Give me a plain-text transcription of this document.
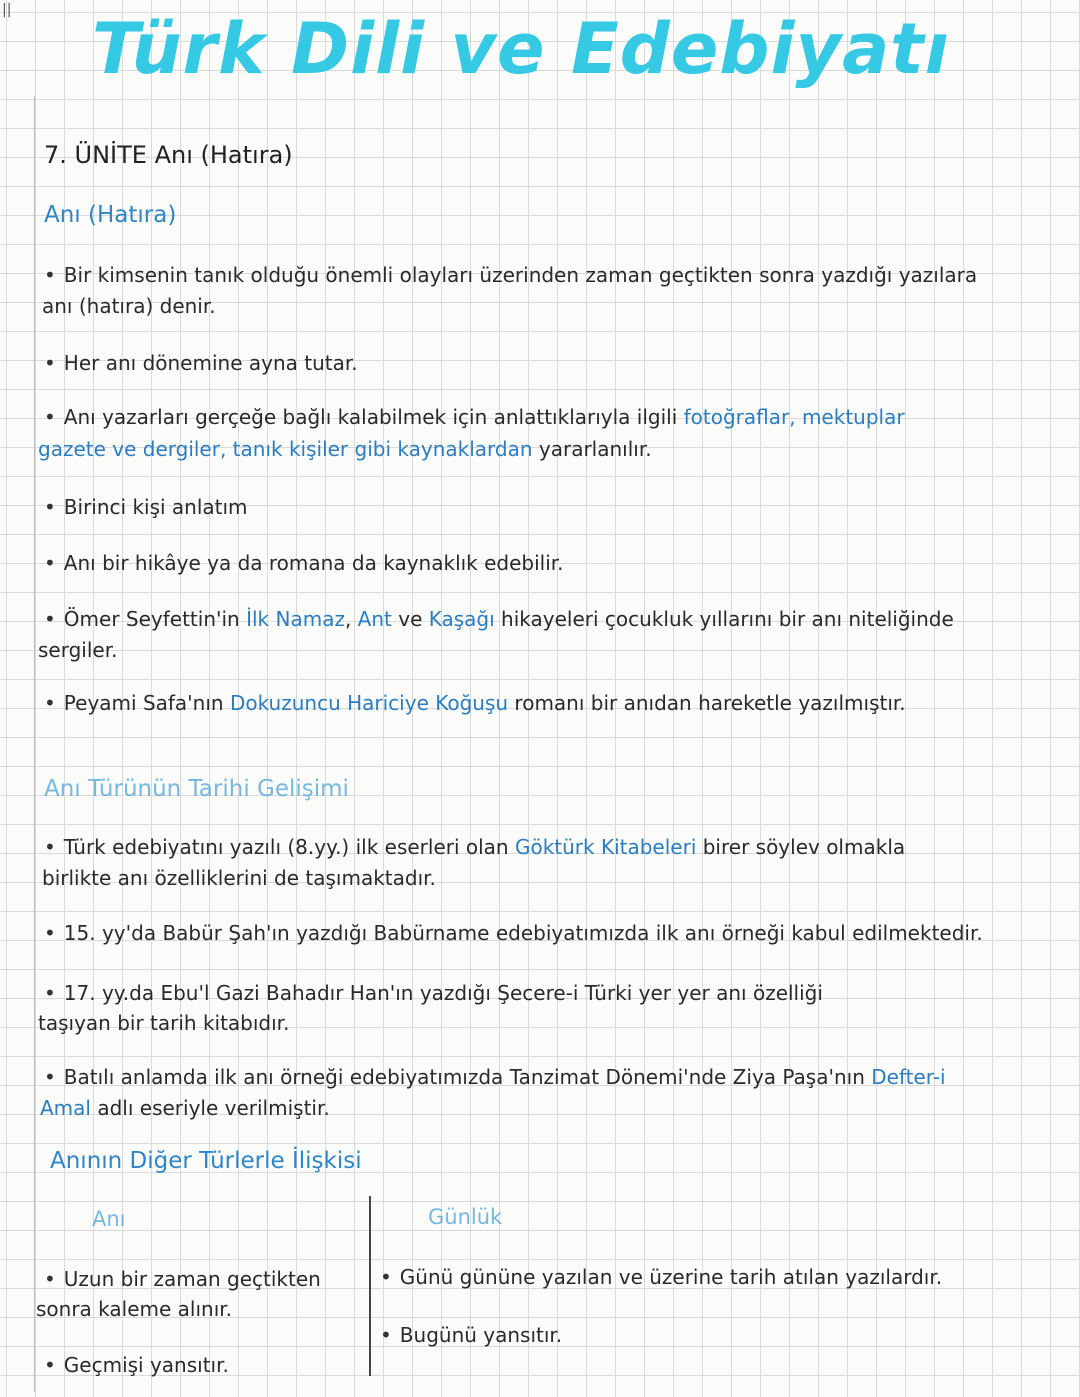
|| Türk Dili ve Edebiyatı
7. ÜNİTE Anı (Hatıra)
Anı (Hatıra)
• Bir kimsenin tanık olduğu önemli olayları üzerinden zaman geçtikten sonra yazdığı yazılara
anı (hatıra) denir.
• Her anı dönemine ayna tutar.
• Anı yazarları gerçeğe bağlı kalabilmek için anlattıklarıyla ilgili fotoğraflar, mektuplar
gazete ve dergiler, tanık kişiler gibi kaynaklardan yararlanılır.
• Birinci kişi anlatım
• Anı bir hikâye ya da romana da kaynaklık edebilir.
• Ömer Seyfettin'in İlk Namaz, Ant ve Kaşağı hikayeleri çocukluk yıllarını bir anı niteliğinde
sergiler.
• Peyami Safa'nın Dokuzuncu Hariciye Koğuşu romanı bir anıdan hareketle yazılmıştır.
Anı Türünün Tarihi Gelişimi
• Türk edebiyatını yazılı (8.yy.) ilk eserleri olan Göktürk Kitabeleri birer söylev olmakla
birlikte anı özelliklerini de taşımaktadır.
• 15. yy'da Babür Şah'ın yazdığı Babürname edebiyatımızda ilk anı örneği kabul edilmektedir.
• 17. yy.da Ebu'l Gazi Bahadır Han'ın yazdığı Şecere-i Türki yer yer anı özelliği
taşıyan bir tarih kitabıdır.
• Batılı anlamda ilk anı örneği edebiyatımızda Tanzimat Dönemi'nde Ziya Paşa'nın Defter-i
Amal adlı eseriyle verilmiştir.
Anının Diğer Türlerle İlişkisi
Anı	Günlük
• Uzun bir zaman geçtikten
sonra kaleme alınır.
• Geçmişi yansıtır.
• Günü gününe yazılan ve üzerine tarih atılan yazılardır.
• Bugünü yansıtır.
